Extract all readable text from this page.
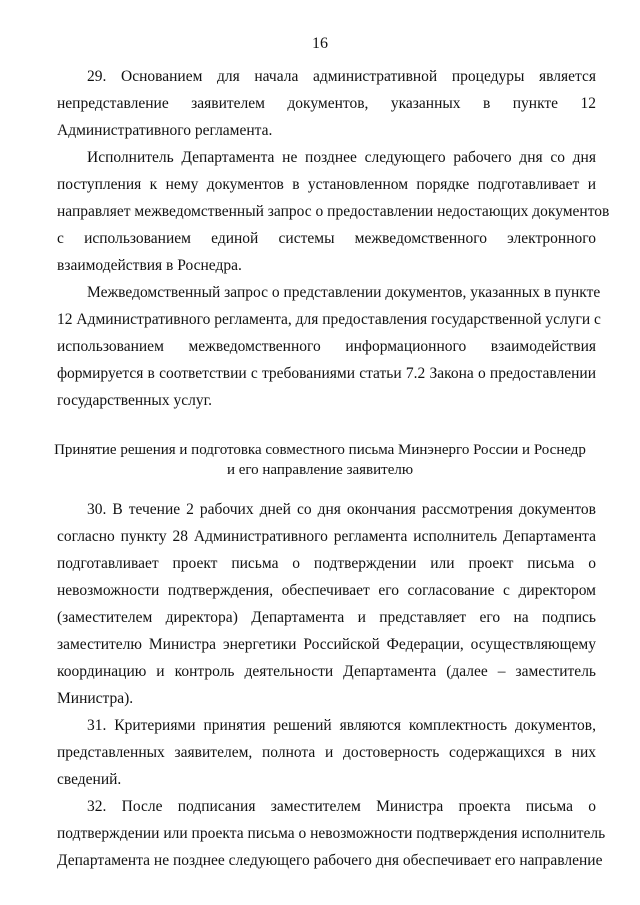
16
29. Основанием для начала административной процедуры является
непредставление заявителем документов, указанных в пункте 12
Административного регламента.
Исполнитель Департамента не позднее следующего рабочего дня со дня
поступления к нему документов в установленном порядке подготавливает и
направляет межведомственный запрос о предоставлении недостающих документов
с использованием единой системы межведомственного электронного
взаимодействия в Роснедра.
Межведомственный запрос о представлении документов, указанных в пункте
12 Административного регламента, для предоставления государственной услуги с
использованием межведомственного информационного взаимодействия
формируется в соответствии с требованиями статьи 7.2 Закона о предоставлении
государственных услуг.
Принятие решения и подготовка совместного письма Минэнерго России и Роснедр
и его направление заявителю
30. В течение 2 рабочих дней со дня окончания рассмотрения документов
согласно пункту 28 Административного регламента исполнитель Департамента
подготавливает проект письма о подтверждении или проект письма о
невозможности подтверждения, обеспечивает его согласование с директором
(заместителем директора) Департамента и представляет его на подпись
заместителю Министра энергетики Российской Федерации, осуществляющему
координацию и контроль деятельности Департамента (далее – заместитель
Министра).
31. Критериями принятия решений являются комплектность документов,
представленных заявителем, полнота и достоверность содержащихся в них
сведений.
32. После подписания заместителем Министра проекта письма о
подтверждении или проекта письма о невозможности подтверждения исполнитель
Департамента не позднее следующего рабочего дня обеспечивает его направление
